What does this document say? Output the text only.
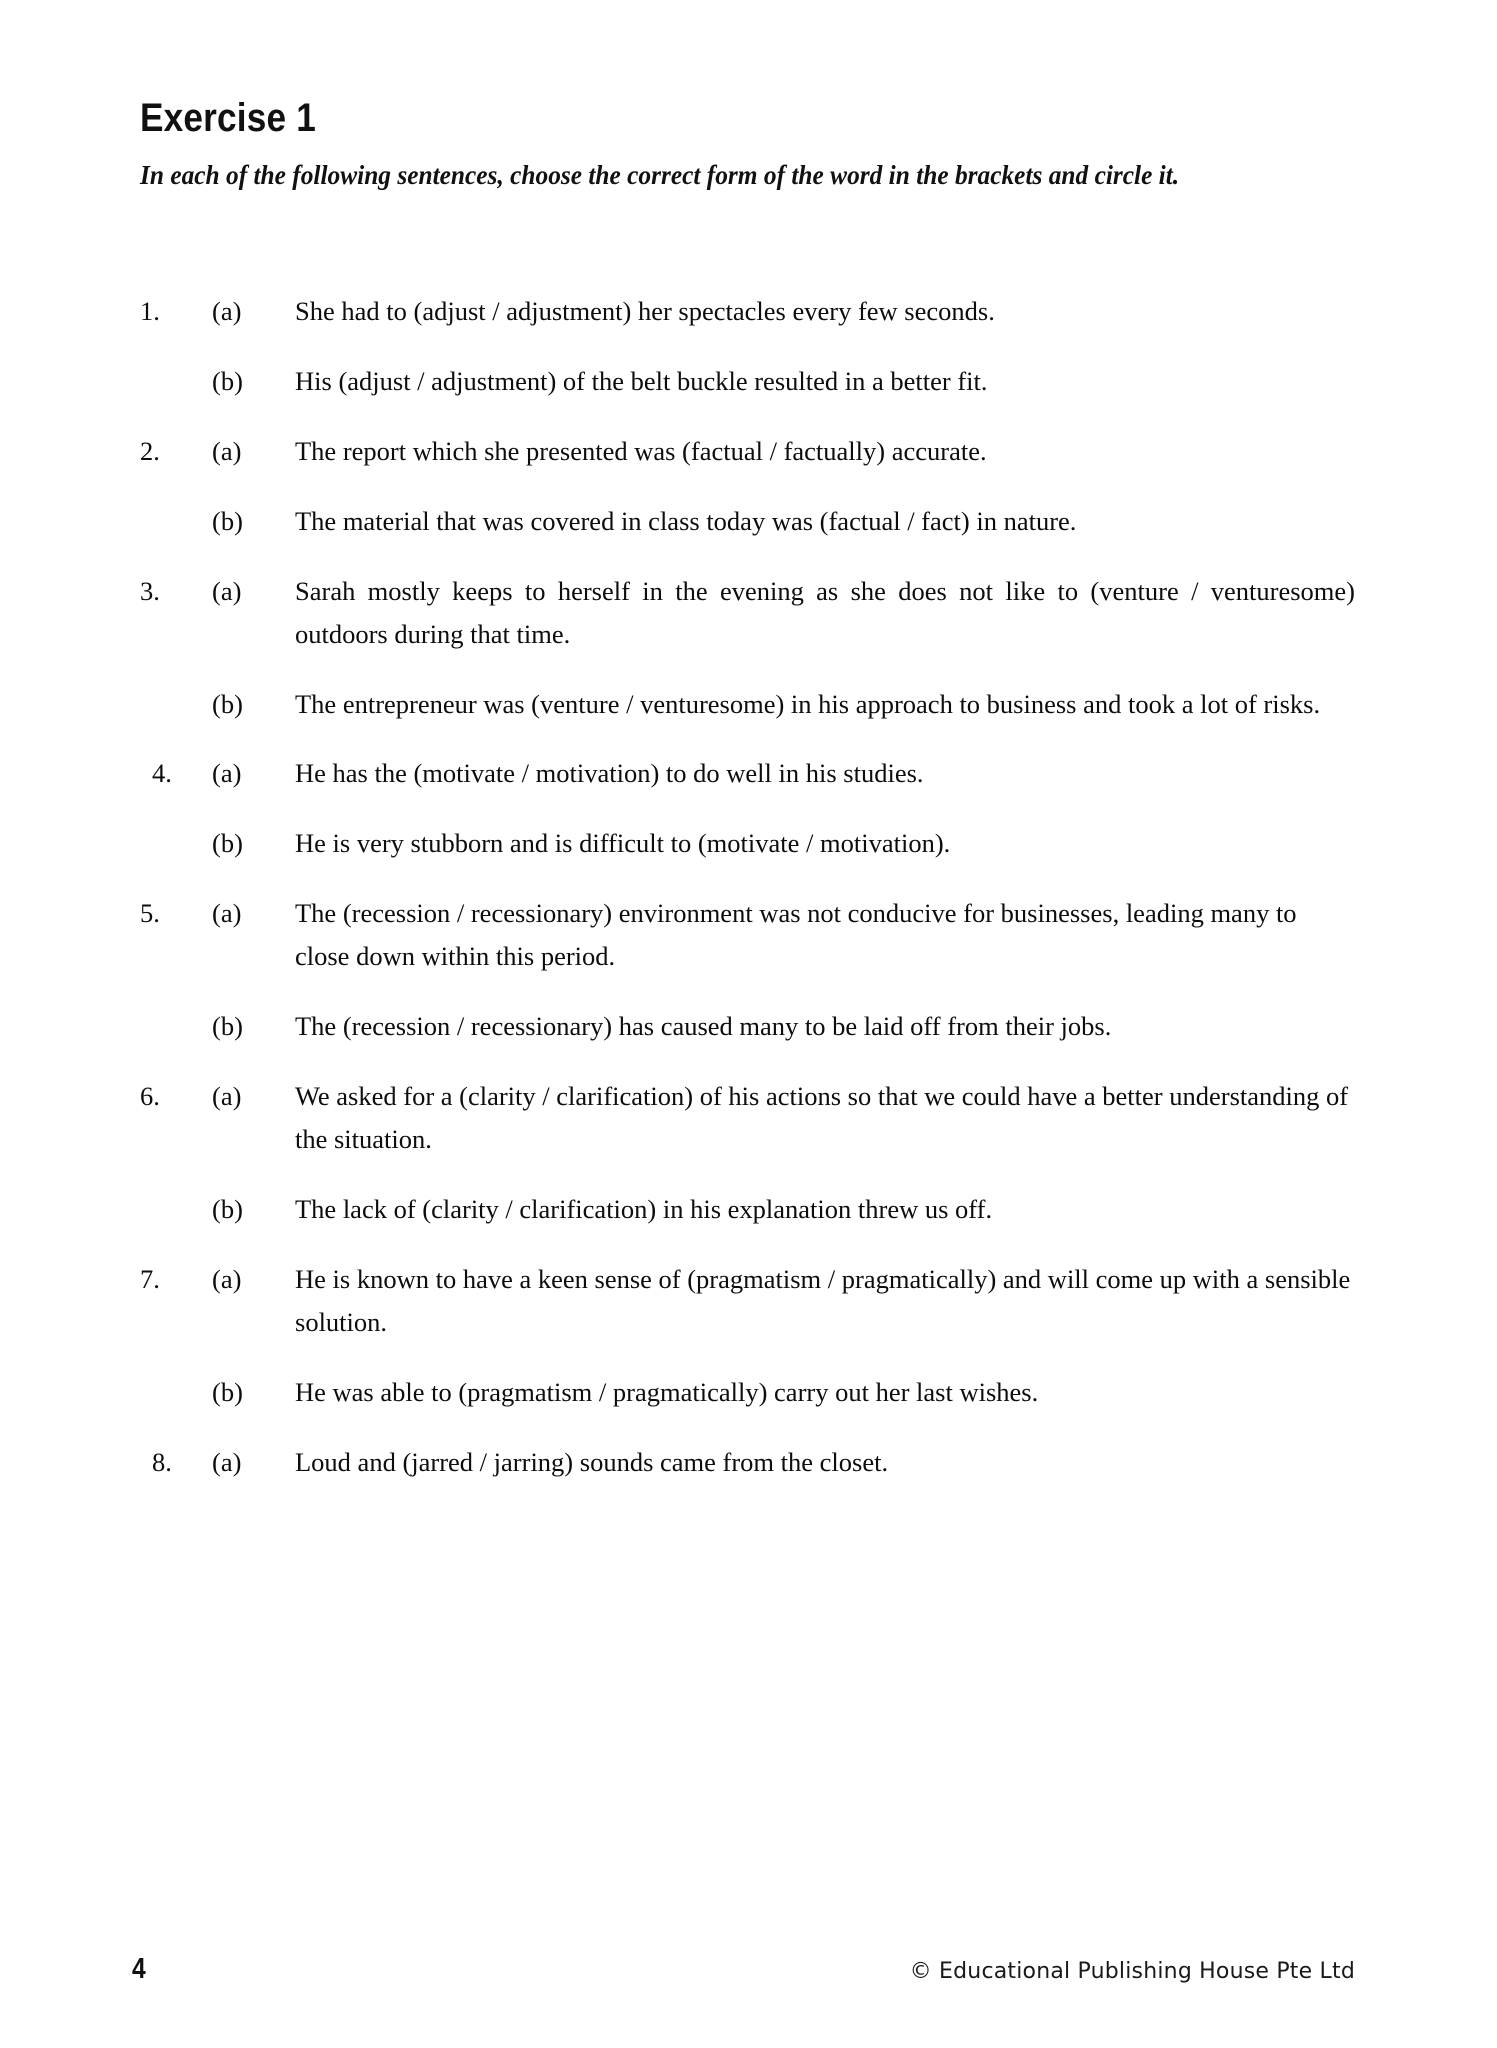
Exercise 1

In each of the following sentences, choose the correct form of the word in the brackets and circle it.

1.	(a)	She had to (adjust / adjustment) her spectacles every few seconds.
(b)	His (adjust / adjustment) of the belt buckle resulted in a better fit.
2.	(a)	The report which she presented was (factual / factually) accurate.
(b)	The material that was covered in class today was (factual / fact) in nature.
3.	(a)	Sarah mostly keeps to herself in the evening as she does not like to (venture / venturesome) outdoors during that time.
(b)	The entrepreneur was (venture / venturesome) in his approach to business and took a lot of risks.
4.	(a)	He has the (motivate / motivation) to do well in his studies.
(b)	He is very stubborn and is difficult to (motivate / motivation).
5.	(a)	The (recession / recessionary) environment was not conducive for businesses, leading many to close down within this period.
(b)	The (recession / recessionary) has caused many to be laid off from their jobs.
6.	(a)	We asked for a (clarity / clarification) of his actions so that we could have a better understanding of the situation.
(b)	The lack of (clarity / clarification) in his explanation threw us off.
7.	(a)	He is known to have a keen sense of (pragmatism / pragmatically) and will come up with a sensible solution.
(b)	He was able to (pragmatism / pragmatically) carry out her last wishes.
8.	(a)	Loud and (jarred / jarring) sounds came from the closet.
4	© Educational Publishing House Pte Ltd
